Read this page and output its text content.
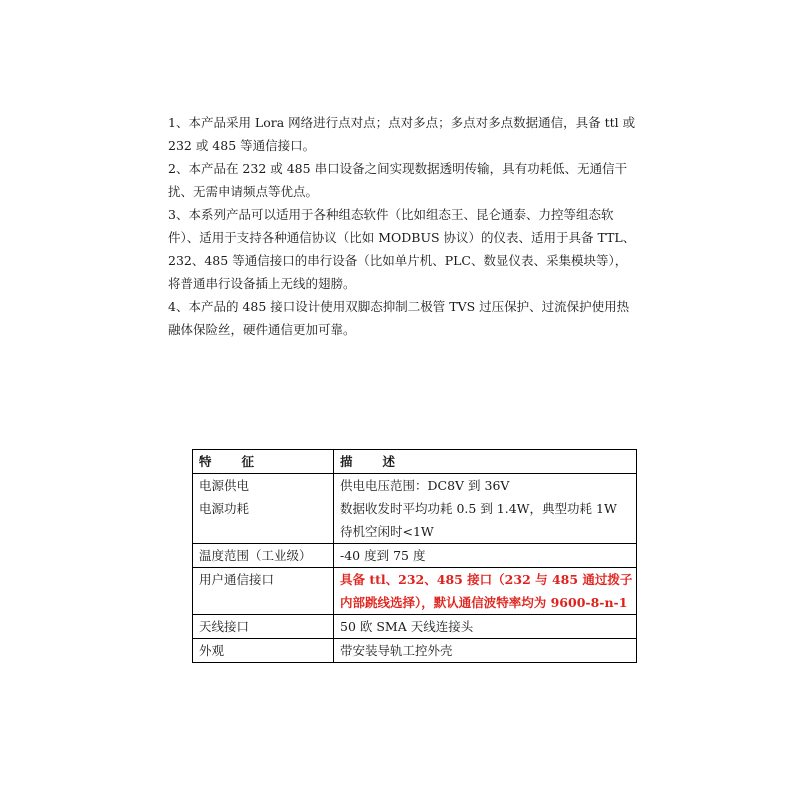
1、本产品采用 Lora 网络进行点对点；点对多点；多点对多点数据通信，具备 ttl 或 232 或 485 等通信接口。

2、本产品在 232 或 485 串口设备之间实现数据透明传输，具有功耗低、无通信干扰、无需申请频点等优点。

3、本系列产品可以适用于各种组态软件（比如组态王、昆仑通泰、力控等组态软件）、适用于支持各种通信协议（比如 MODBUS 协议）的仪表、适用于具备 TTL、232、485 等通信接口的串行设备（比如单片机、PLC、数显仪表、采集模块等），将普通串行设备插上无线的翅膀。

4、本产品的 485 接口设计使用双脚态抑制二极管 TVS 过压保护、过流保护使用热融体保险丝，硬件通信更加可靠。

特 征	描 述
电源供电	供电电压范围：DC8V 到 36V
电源功耗	数据收发时平均功耗 0.5 到 1.4W，典型功耗 1W
	待机空闲时<1W
温度范围（工业级）	-40 度到 75 度
用户通信接口	具备 ttl、232、485 接口（232 与 485 通过拨子内部跳线选择），默认通信波特率均为 9600-8-n-1
天线接口	50 欧 SMA 天线连接头
外观	带安装导轨工控外壳
